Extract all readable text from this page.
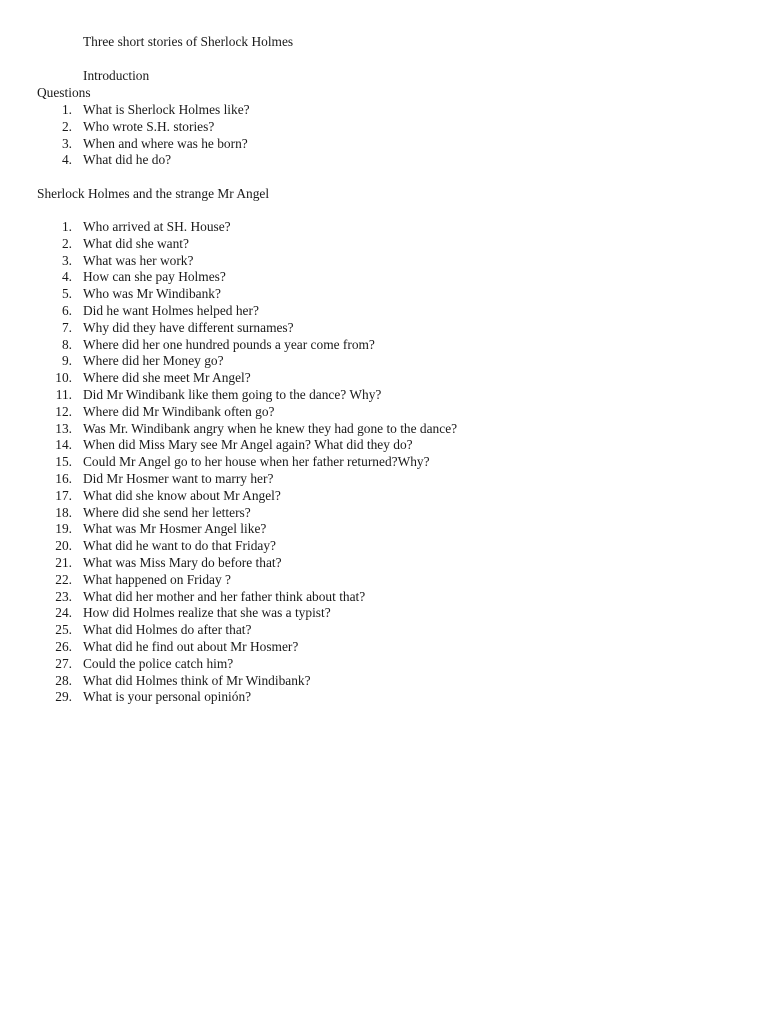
Three short stories of Sherlock Holmes
Introduction
Questions
1. What is Sherlock Holmes like?
2. Who wrote S.H. stories?
3. When and where was he born?
4. What did he do?
Sherlock Holmes and the strange Mr Angel
1. Who arrived at SH. House?
2. What did she want?
3. What was her work?
4. How can she pay Holmes?
5. Who was Mr Windibank?
6. Did he want Holmes helped her?
7. Why did they have different surnames?
8. Where did her one hundred pounds a year come from?
9. Where did her Money go?
10. Where did she meet Mr Angel?
11. Did Mr Windibank like them going to the dance? Why?
12. Where did Mr Windibank often go?
13. Was Mr. Windibank angry when he knew they had gone to the dance?
14. When did Miss Mary see Mr Angel again? What did they do?
15. Could Mr Angel go to her house when her father returned?Why?
16. Did Mr Hosmer want to marry her?
17. What did she know about Mr Angel?
18. Where did she send her letters?
19. What was Mr Hosmer Angel like?
20. What did he want to do that Friday?
21. What was Miss Mary do before that?
22. What happened on Friday ?
23. What did her mother and her father think about that?
24. How did Holmes realize that she was a typist?
25. What did Holmes do after that?
26. What did he find out about Mr Hosmer?
27. Could the police catch him?
28. What did Holmes think of Mr Windibank?
29. What is your personal opinión?
